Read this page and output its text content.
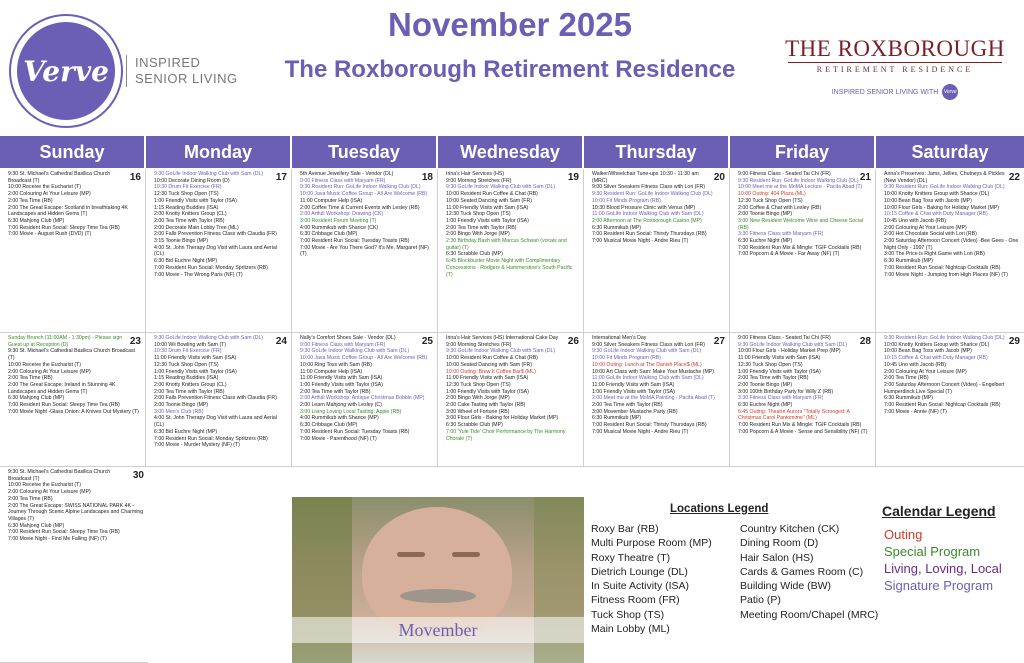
Verve	INSPIRED SENIOR LIVING
November 2025
The Roxborough Retirement Residence
THE ROXBOROUGH
RETIREMENT RESIDENCE
INSPIRED SENIOR LIVING WITH	Verve
Sunday	Monday	Tuesday	Wednesday	Thursday	Friday	Saturday
16
9:30 St. Michael's Cathedral Basilica Church Broadcast (T)
10:00 Receive the Eucharist (T)
2:00 Colouring At Your Leisure (MP)
2:00 Tea Time (RB)
2:00 The Great Escape: Scotland in breathtaking 4K Landscapes and Hidden Gems (T)
6:30 Mahjong Club (MP)
7:00 Resident Run Social: Sleepy Time Tea (RB)
7:00 Movie - August Rush (DVD) (T)
17
9:30 GoLife Indoor Walking Club with Sam (DL)
10:00 Decorate Dining Room (D)
10:30 Drum Fit Exercise (FR)
12:30 Tuck Shop Open (TS)
1:00 Friendly Visits with Taylor (ISA)
1:15 Reading Buddies (ISA)
2:00 Knotty Knitters Group (CL)
2:00 Tea Time with Taylor (RB)
2:00 Decorate Main Lobby Tree (ML)
2:00 Falls Prevention Fitness Class with Claudia (FR)
3:15 Toonie Bingo (MP)
4:00 St. John Therapy Dog Visit with Laura and Aerial (CL)
6:30 Bid Euchre Night (MP)
7:00 Resident Run Social: Monday Spritzers (RB)
7:00 Movie - The Wrong Paris (NF) (T)
18
5th Avenue Jewellery Sale - Vendor (DL)
9:00 Fitness Class with Maryam (FR)
9:30 Resident Run: GoLife Indoor Walking Club (DL)
10:00 Java Music Coffee Group - All Are Welcome (RB)
11:00 Computer Help (ISA)
2:00 Coffee Time & Current Events with Lesley (RB)
2:00 Artfull Workshop: Drawing (CK)
3:00 Resident Forum Meeting (T)
4:00 Rummikub with Sharice (CK)
6:30 Cribbage Club (MP)
7:00 Resident Run Social: Tuesday Toasts (RB)
7:00 Movie - Are You There God? It's Me, Margaret (NF) (T)
19
Irina's Hair Services (HS)
9:00 Morning Stretches (FR)
9:30 GoLife Indoor Walking Club with Sam (DL)
10:00 Resident Run Coffee & Chat (RB)
10:00 Seated Dancing with Sam (FR)
11:00 Friendly Visits with Sam (ISA)
12:30 Tuck Shop Open (TS)
1:00 Friendly Visits with Taylor (ISA)
2:00 Tea Time with Taylor (RB)
2:00 Bingo With Jorge (MP)
2:30 Birthday Bash with Marcus Schwan (vocals and guitar) (T)
6:30 Scrabble Club (MP)
6:45 Blockbuster Movie Night with Complimentary Concessions - Rodgers & Hammerstine's South Pacific (T)
20
Walker/Wheelchair Tune-ups 10:30 - 11:30 am (MRC)
9:00 Silver Sneakers Fitness Class with Lori (FR)
9:30 Resident Run: GoLife Indoor Walking Club (DL)
10:00 Fit Minds Program (RB)
10:30 Blood Pressure Clinic with Venus (MP)
11:00 GoLife Indoor Walking Club with Sam (DL)
2:00 Afternoon at The Roxborough Casino (MP)
6:30 Rummikub (MP)
7:00 Resident Run Social: Thirsty Thursdays (RB)
7:00 Musical Movie Night - Andre Rieu (T)
21
9:00 Fitness Class - Seated Tai Chi (FR)
9:30 Resident Run: GoLife Indoor Walking Club (DL)
10:00 Meet me at the MoMA Lecture - Pacita Abad (T)
10:00 Outing: 404 Plaza (ML)
12:30 Tuck Shop Open (TS)
2:00 Coffee & Chat with Lesley (RB)
2:00 Toonie Bingo (MP)
3:00 New Resident Welcome Wine and Cheese Social (RB)
3:30 Fitness Class with Maryam (FR)
6:30 Euchre Night (MP)
7:00 Resident Run Mix & Mingle: TGIF Cocktails (RB)
7:00 Popcorn & A Movie - Far Away (NF) (T)
22
Anna's Preserves: Jams, Jellies, Chutneys & Pickles (New Vendor) (DL)
9:30 Resident Run: GoLife Indoor Walking Club (DL)
10:00 Knotty Knitters Group with Sharice (DL)
10:00 Bean Bag Toss with Jacob (MP)
10:00 Flour Girls - Baking for Holiday Market (MP)
10:15 Coffee & Chat with Duty Manager (RB)
10:45 Uno with Jacob (RB)
2:00 Colouring At Your Leisure (MP)
2:00 Hot Chocolate Social with Lori (RB)
2:00 Saturday Afternoon Concert (Video) -Bee Gees - One Night Only - 1997 (T)
3:00 The Price is Right Game with Lori (RB)
6:30 Rummikub (MP)
7:00 Resident Run Social: Nightcap Cocktails (RB)
7:00 Movie Night - Jumping from High Places (NF) (T)
23
Sunday Brunch (11:00AM - 1:30pm) - Please sign Guest up at Reception (D)
9:30 St. Michael's Cathedral Basilica Church Broadcast (T)
10:00 Receive the Eucharist (T)
2:00 Colouring At Your Leisure (MP)
2:00 Tea Time (RB)
2:00 The Great Escape: Ireland in Stunning 4K Landscapes and Hidden Gems (T)
6:30 Mahjong Club (MP)
7:00 Resident Run Social: Sleepy Time Tea (RB)
7:00 Movie Night -Glass Onion: A Knives Out Mystery (T)
24
9:30 GoLife Indoor Walking Club with Sam (DL)
10:00 Wii Bowling with Sam (T)
10:30 Drum Fit Exercise (FR)
11:00 Friendly Visits with Sam (ISA)
12:30 Tuck Shop Open (TS)
1:00 Friendly Visits with Taylor (ISA)
1:15 Reading Buddies (ISA)
2:00 Knotty Knitters Group (CL)
2:00 Tea Time with Taylor (RB)
2:00 Falls Prevention Fitness Class with Claudia (FR)
2:00 Toonie Bingo (MP)
3:00 Men's Club (RB)
4:00 St. John Therapy Dog Visit with Laura and Aerial (CL)
6:30 Bid Euchre Night (MP)
7:00 Resident Run Social: Monday Spritzers (RB)
7:00 Movie - Murder Mystery (NF) (T)
25
Nally's Comfort Shoes Sale - Vendor (DL)
9:00 Fitness Class with Maryam (FR)
9:30 GoLife Indoor Walking Club with Sam (DL)
10:00 Java Music Coffee Group - All Are Welcome (RB)
10:00 Ring Toss with Sam (RB)
11:00 Computer Help (ISA)
11:00 Friendly Visits with Sam (ISA)
1:00 Friendly Visits with Taylor (ISA)
2:00 Tea Time with Taylor (RB)
2:00 Artfull Workshop: Antique Christmas Bobble (MP)
2:00 Learn Mahjong with Lesley (C)
3:00 Living Loving Local Tasting: Apple (RB)
4:00 Rummikub with Sharice (MP)
6:30 Cribbage Club (MP)
7:00 Resident Run Social: Tuesday Toasts (RB)
7:00 Movie - Parenthood (NF) (T)
26
Irina's Hair Services (HS) International Cake Day
9:00 Morning Stretches (FR)
9:30 GoLife Indoor Walking Club with Sam (DL)
10:00 Resident Run Coffee & Chat (RB)
10:00 Seated Dancing with Sam (FR)
10:00 Outing: Brew It Coffee Bar$ (ML)
11:00 Friendly Visits with Sam (ISA)
12:30 Tuck Shop Open (TS)
1:00 Friendly Visits with Taylor (ISA)
2:00 Bingo With Jorge (MP)
2:00 Cake Tasting with Taylor (RB)
3:00 Wheel of Fortune (RB)
3:00 Flour Girls - Baking for Holiday Market (MP)
6:30 Scrabble Club (MP)
7:00 'Yule Tide' Choir Performance by The Harmony Chorale (T)
27
International Men's Day
9:00 Silver Sneakers Fitness Class with Lori (FR)
9:30 GoLife Indoor Walking Club with Sam (DL)
10:00 Fit Minds Program (RB)
10:00 Outing: Lunch at The Danish Place$ (ML)
10:00 Art Class with Sam: Make Your Mustache (MP)
11:00 GoLife Indoor Walking Club with Sam (DL)
11:00 Friendly Visits with Sam (ISA)
1:00 Friendly Visits with Taylor (ISA)
2:00 Meet me at the MoMA Painting - Pacita Abad (T)
2:00 Tea Time with Taylor (RB)
3:00 Movember Mustache Party (RB)
6:30 Rummikub (MP)
7:00 Resident Run Social: Thirsty Thursdays (RB)
7:00 Musical Movie Night - Andre Rieu (T)
28
9:00 Fitness Class - Seated Tai Chi (FR)
9:30 GoLife Indoor Walking Club with Sam (DL)
10:00 Flour Girls - Holiday Market Prep (MP)
11:00 Friendly Visits with Sam (ISA)
12:30 Tuck Shop Open (TS)
1:00 Friendly Visits with Taylor (ISA)
2:00 Tea Time with Taylor (RB)
2:00 Toonie Bingo (MP)
3:00 100th Birthday Party for Willy Z (RB)
3:30 Fitness Class with Maryam (FR)
6:30 Euchre Night (MP)
6:45 Outing: Theatre Aurora "Totally Scrooged: A Christmas Carol Pantomime" (ML)
7:00 Resident Run Mix & Mingle: TGIF Cocktails (RB)
7:00 Popcorn & A Movie - Sense and Sensibility (NF) (T)
29
9:30 Resident Run: GoLife Indoor Walking Club (DL)
10:00 Knotty Knitters Group with Sharice (DL)
10:00 Bean Bag Toss with Jacob (MP)
10:15 Coffee & Chat with Duty Manager (RB)
10:45 Uno with Jacob (RB)
2:00 Colouring At Your Leisure (MP)
2:00 Tea Time (RB)
2:00 Saturday Afternoon Concert (Video) - Engelbert Humperdinck Live Special (T)
6:30 Rummikub (MP)
7:00 Resident Run Social: Nightcap Cocktails (RB)
7:00 Movie - Annie (NF) (T)
30
9:30 St. Michael's Cathedral Basilica Church Broadcast (T)
10:00 Receive the Eucharist (T)
2:00 Colouring At Your Leisure (MP)
2:00 Tea Time (RB)
2:00 The Great Escape: SWISS NATIONAL PARK 4K - Journey Through Scenic Alpine Landscapes and Charming Villages (T)
6:30 Mahjong Club (MP)
7:00 Resident Run Social: Sleepy Time Tea (RB)
7:00 Movie Night - Find Me Falling (NF) (T)
Movember
Locations Legend
Roxy Bar (RB)
Multi Purpose Room (MP)
Roxy Theatre (T)
Dietrich Lounge (DL)
In Suite Activity (ISA)
Fitness Room (FR)
Tuck Shop (TS)
Main Lobby (ML)
Country Kitchen (CK)
Dining Room (D)
Hair Salon (HS)
Cards & Games Room (C)
Building Wide (BW)
Patio (P)
Meeting Room/Chapel (MRC)
Calendar Legend
Outing
Special Program
Living, Loving, Local
Signature Program
